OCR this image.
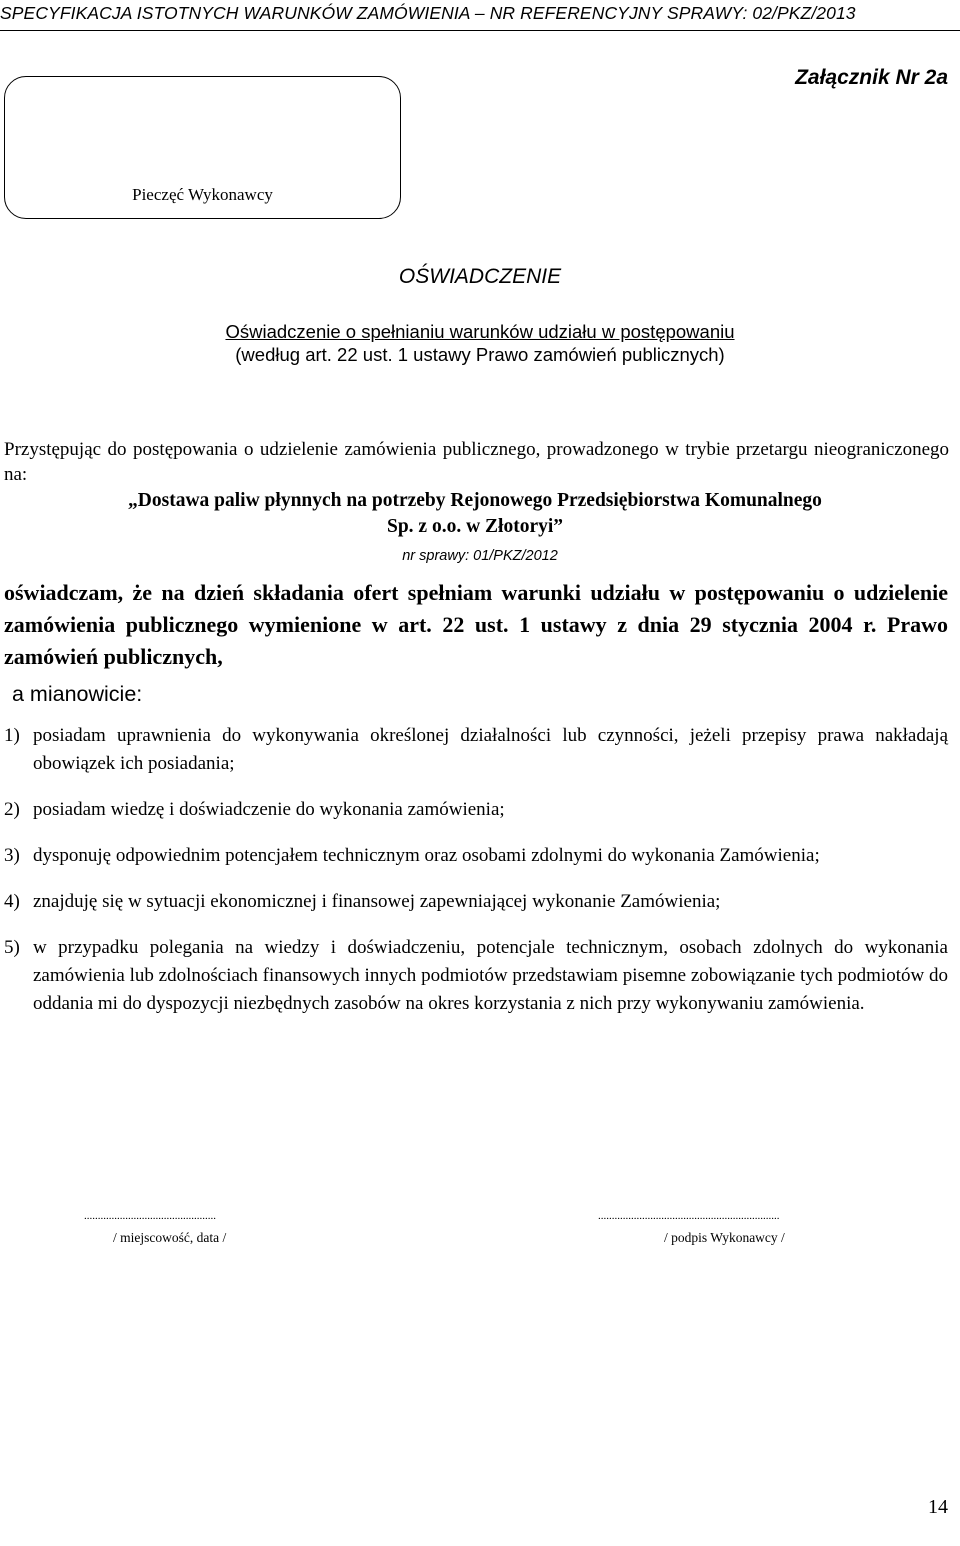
SPECYFIKACJA ISTOTNYCH WARUNKÓW ZAMÓWIENIA – NR REFERENCYJNY SPRAWY: 02/PKZ/2013
Załącznik Nr 2a
Pieczęć Wykonawcy
OŚWIADCZENIE
Oświadczenie o spełnianiu warunków udziału w postępowaniu
(według art. 22 ust. 1 ustawy Prawo zamówień publicznych)
Przystępując do postępowania o udzielenie zamówienia publicznego, prowadzonego w trybie przetargu nieograniczonego na:
„Dostawa paliw płynnych na potrzeby Rejonowego Przedsiębiorstwa Komunalnego
Sp. z o.o. w Złotoryi”
nr sprawy: 01/PKZ/2012
oświadczam, że na dzień składania ofert spełniam warunki udziału w postępowaniu o udzielenie zamówienia publicznego wymienione w art. 22 ust. 1 ustawy z dnia 29 stycznia 2004 r. Prawo zamówień publicznych,
a mianowicie:
1) posiadam uprawnienia do wykonywania określonej działalności lub czynności, jeżeli przepisy prawa nakładają obowiązek ich posiadania;
2) posiadam wiedzę i doświadczenie do wykonania zamówienia;
3) dysponuję odpowiednim potencjałem technicznym oraz osobami zdolnymi do wykonania Zamówienia;
4) znajduję się w sytuacji ekonomicznej i finansowej zapewniającej wykonanie Zamówienia;
5) w przypadku polegania na wiedzy i doświadczeniu, potencjale technicznym, osobach zdolnych do wykonania zamówienia lub zdolnościach finansowych innych podmiotów przedstawiam pisemne zobowiązanie tych podmiotów do oddania mi do dyspozycji niezbędnych zasobów na okres korzystania z nich przy wykonywaniu zamówienia.
................................................
/ miejscowość, data /
..................................................................
/ podpis Wykonawcy /
14
